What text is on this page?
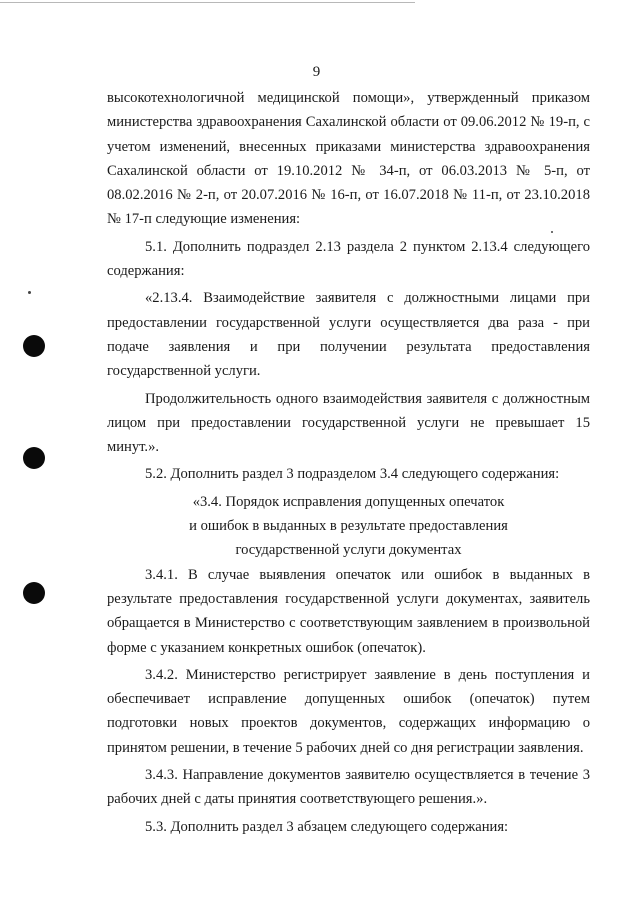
9

высокотехнологичной медицинской помощи», утвержденный приказом министерства здравоохранения Сахалинской области от 09.06.2012 № 19-п, с учетом изменений, внесенных приказами министерства здравоохранения Сахалинской области от 19.10.2012 № 34-п, от 06.03.2013 № 5-п, от 08.02.2016 № 2-п, от 20.07.2016 № 16-п, от 16.07.2018 № 11-п, от 23.10.2018 № 17-п следующие изменения:

5.1. Дополнить подраздел 2.13 раздела 2 пунктом 2.13.4 следующего содержания:

«2.13.4. Взаимодействие заявителя с должностными лицами при предоставлении государственной услуги осуществляется два раза - при подаче заявления и при получении результата предоставления государственной услуги.

Продолжительность одного взаимодействия заявителя с должностным лицом при предоставлении государственной услуги не превышает 15 минут.».

5.2. Дополнить раздел 3 подразделом 3.4 следующего содержания:

«3.4. Порядок исправления допущенных опечаток

и ошибок в выданных в результате предоставления

государственной услуги документах

3.4.1. В случае выявления опечаток или ошибок в выданных в результате предоставления государственной услуги документах, заявитель обращается в Министерство с соответствующим заявлением в произвольной форме с указанием конкретных ошибок (опечаток).

3.4.2. Министерство регистрирует заявление в день поступления и обеспечивает исправление допущенных ошибок (опечаток) путем подготовки новых проектов документов, содержащих информацию о принятом решении, в течение 5 рабочих дней со дня регистрации заявления.

3.4.3. Направление документов заявителю осуществляется в течение 3 рабочих дней с даты принятия соответствующего решения.».

5.3. Дополнить раздел 3 абзацем следующего содержания:
